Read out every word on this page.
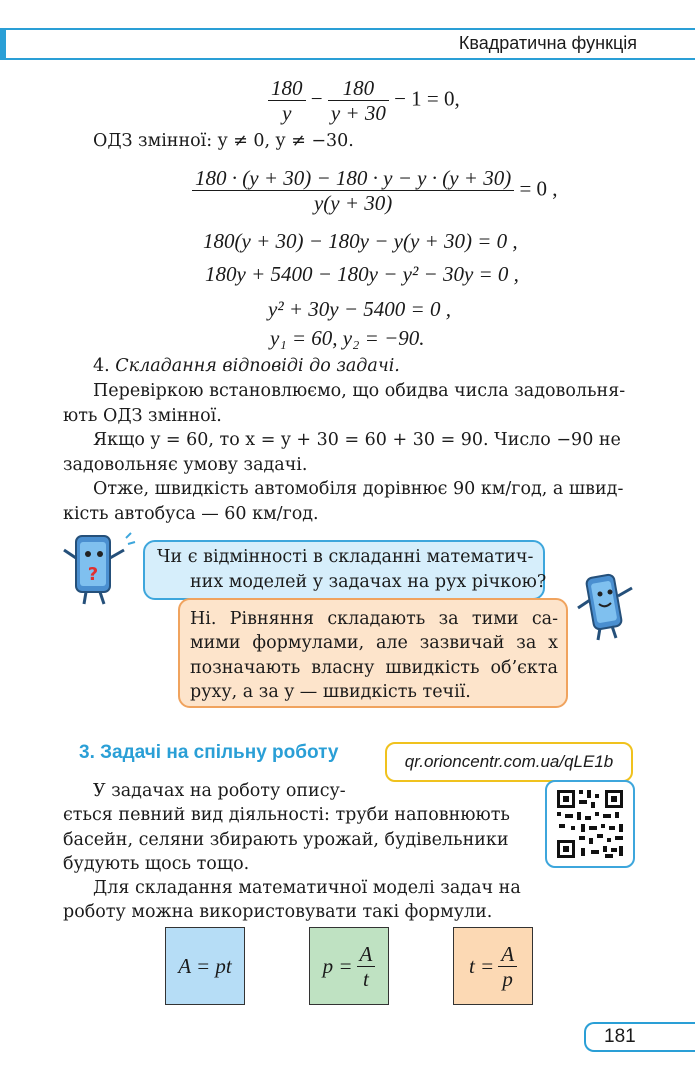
Квадратична функція
$\frac{180}{y} - \frac{180}{y + 30} - 1 = 0$,
ОДЗ змінної: y ≠ 0, y ≠ −30.
$\frac{180 \cdot (y + 30) - 180 \cdot y - y \cdot (y + 30)}{y(y + 30)} = 0$ ,
180(y + 30) − 180y − y(y + 30) = 0 ,
180y + 5400 − 180y − y² − 30y = 0 ,
y² + 30y − 5400 = 0 ,
y₁ = 60, y₂ = −90.
4. Складання відповіді до задачі.
Перевіркою встановлюємо, що обидва числа задовольня-
ють ОДЗ змінної.
Якщо y = 60, то x = y + 30 = 60 + 30 = 90. Число −90 не
задовольняє умову задачі.
Отже, швидкість автомобіля дорівнює 90 км/год, а швид-
кість автобуса — 60 км/год.
?
Чи є відмінності в складанні математич-
них моделей у задачах на рух річкою?
Ні. Рівняння складають за тими са-
мими формулами, але зазвичай за x
позначають власну швидкість об’єкта
руху, а за y — швидкість течії.
3. Задачі на спільну роботу	qr.orioncentr.com.ua/qLE1b
У задачах на роботу опису-
ється певний вид діяльності: труби наповнюють
басейн, селяни збирають урожай, будівельники
будують щось тощо.
Для складання математичної моделі задач на
роботу можна використовувати такі формули.
A = pt	$p = \frac{A}{t}$	$t = \frac{A}{p}$
181
